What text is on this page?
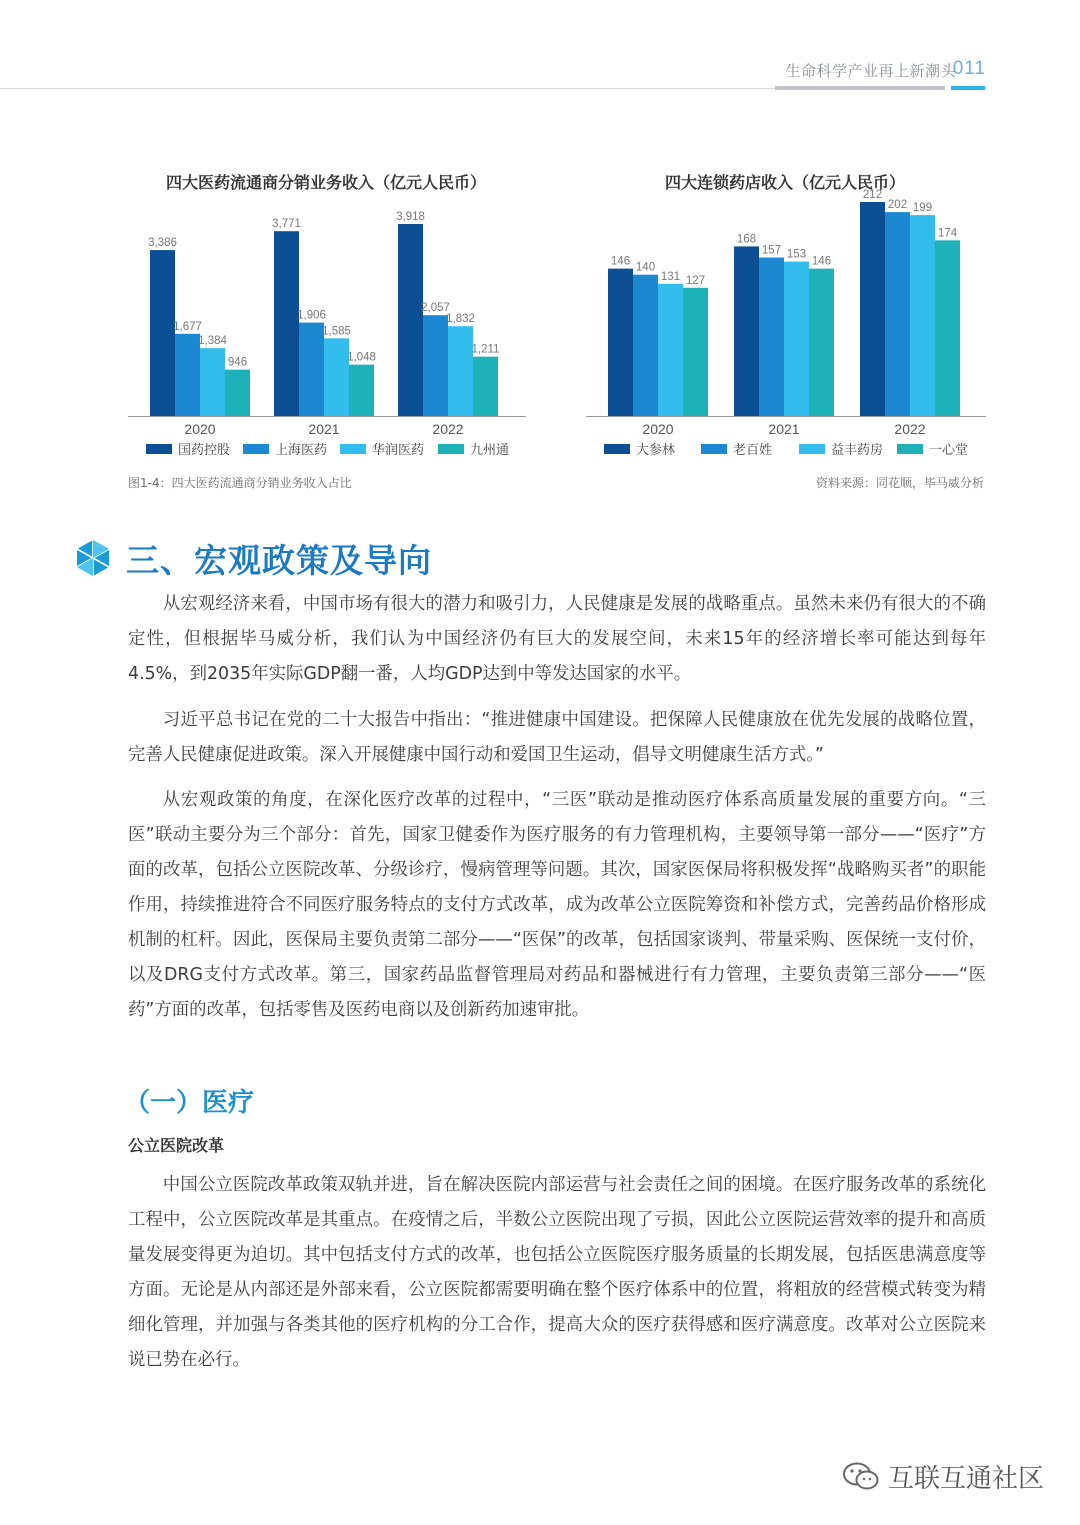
生命科学产业再上新潮头
011
四大医药流通商分销业务收入（亿元人民币）
3,386
1,677
1,384
946
2020
3,771
1,906
1,585
1,048
2021
3,918
2,057
1,832
1,211
2022
国药控股	上海医药	华润医药	九州通
四大连锁药店收入（亿元人民币）
146
140
131 127
2020
168
157 153
146
2021
212
202 199
174
2022
大参林	老百姓	益丰药房	一心堂
图1-4：四大医药流通商分销业务收入占比	资料来源：同花顺，毕马威分析
三、宏观政策及导向

从宏观经济来看，中国市场有很大的潜力和吸引力，人民健康是发展的战略重点。虽然未来仍有很大的不确定性，但根据毕马威分析，我们认为中国经济仍有巨大的发展空间，未来15年的经济增长率可能达到每年4.5%，到2035年实际GDP翻一番，人均GDP达到中等发达国家的水平。

习近平总书记在党的二十大报告中指出：“推进健康中国建设。把保障人民健康放在优先发展的战略位置，完善人民健康促进政策。深入开展健康中国行动和爱国卫生运动，倡导文明健康生活方式。”

从宏观政策的角度，在深化医疗改革的过程中，“三医”联动是推动医疗体系高质量发展的重要方向。“三医”联动主要分为三个部分：首先，国家卫健委作为医疗服务的有力管理机构，主要领导第一部分——“医疗”方面的改革，包括公立医院改革、分级诊疗，慢病管理等问题。其次，国家医保局将积极发挥“战略购买者”的职能作用，持续推进符合不同医疗服务特点的支付方式改革，成为改革公立医院筹资和补偿方式，完善药品价格形成机制的杠杆。因此，医保局主要负责第二部分——“医保”的改革，包括国家谈判、带量采购、医保统一支付价，以及DRG支付方式改革。第三，国家药品监督管理局对药品和器械进行有力管理，主要负责第三部分——“医药”方面的改革，包括零售及医药电商以及创新药加速审批。

（一）医疗
公立医院改革

中国公立医院改革政策双轨并进，旨在解决医院内部运营与社会责任之间的困境。在医疗服务改革的系统化工程中，公立医院改革是其重点。在疫情之后，半数公立医院出现了亏损，因此公立医院运营效率的提升和高质量发展变得更为迫切。其中包括支付方式的改革，也包括公立医院医疗服务质量的长期发展，包括医患满意度等方面。无论是从内部还是外部来看，公立医院都需要明确在整个医疗体系中的位置，将粗放的经营模式转变为精细化管理，并加强与各类其他的医疗机构的分工合作，提高大众的医疗获得感和医疗满意度。改革对公立医院来说已势在必行。

互联互通社区
